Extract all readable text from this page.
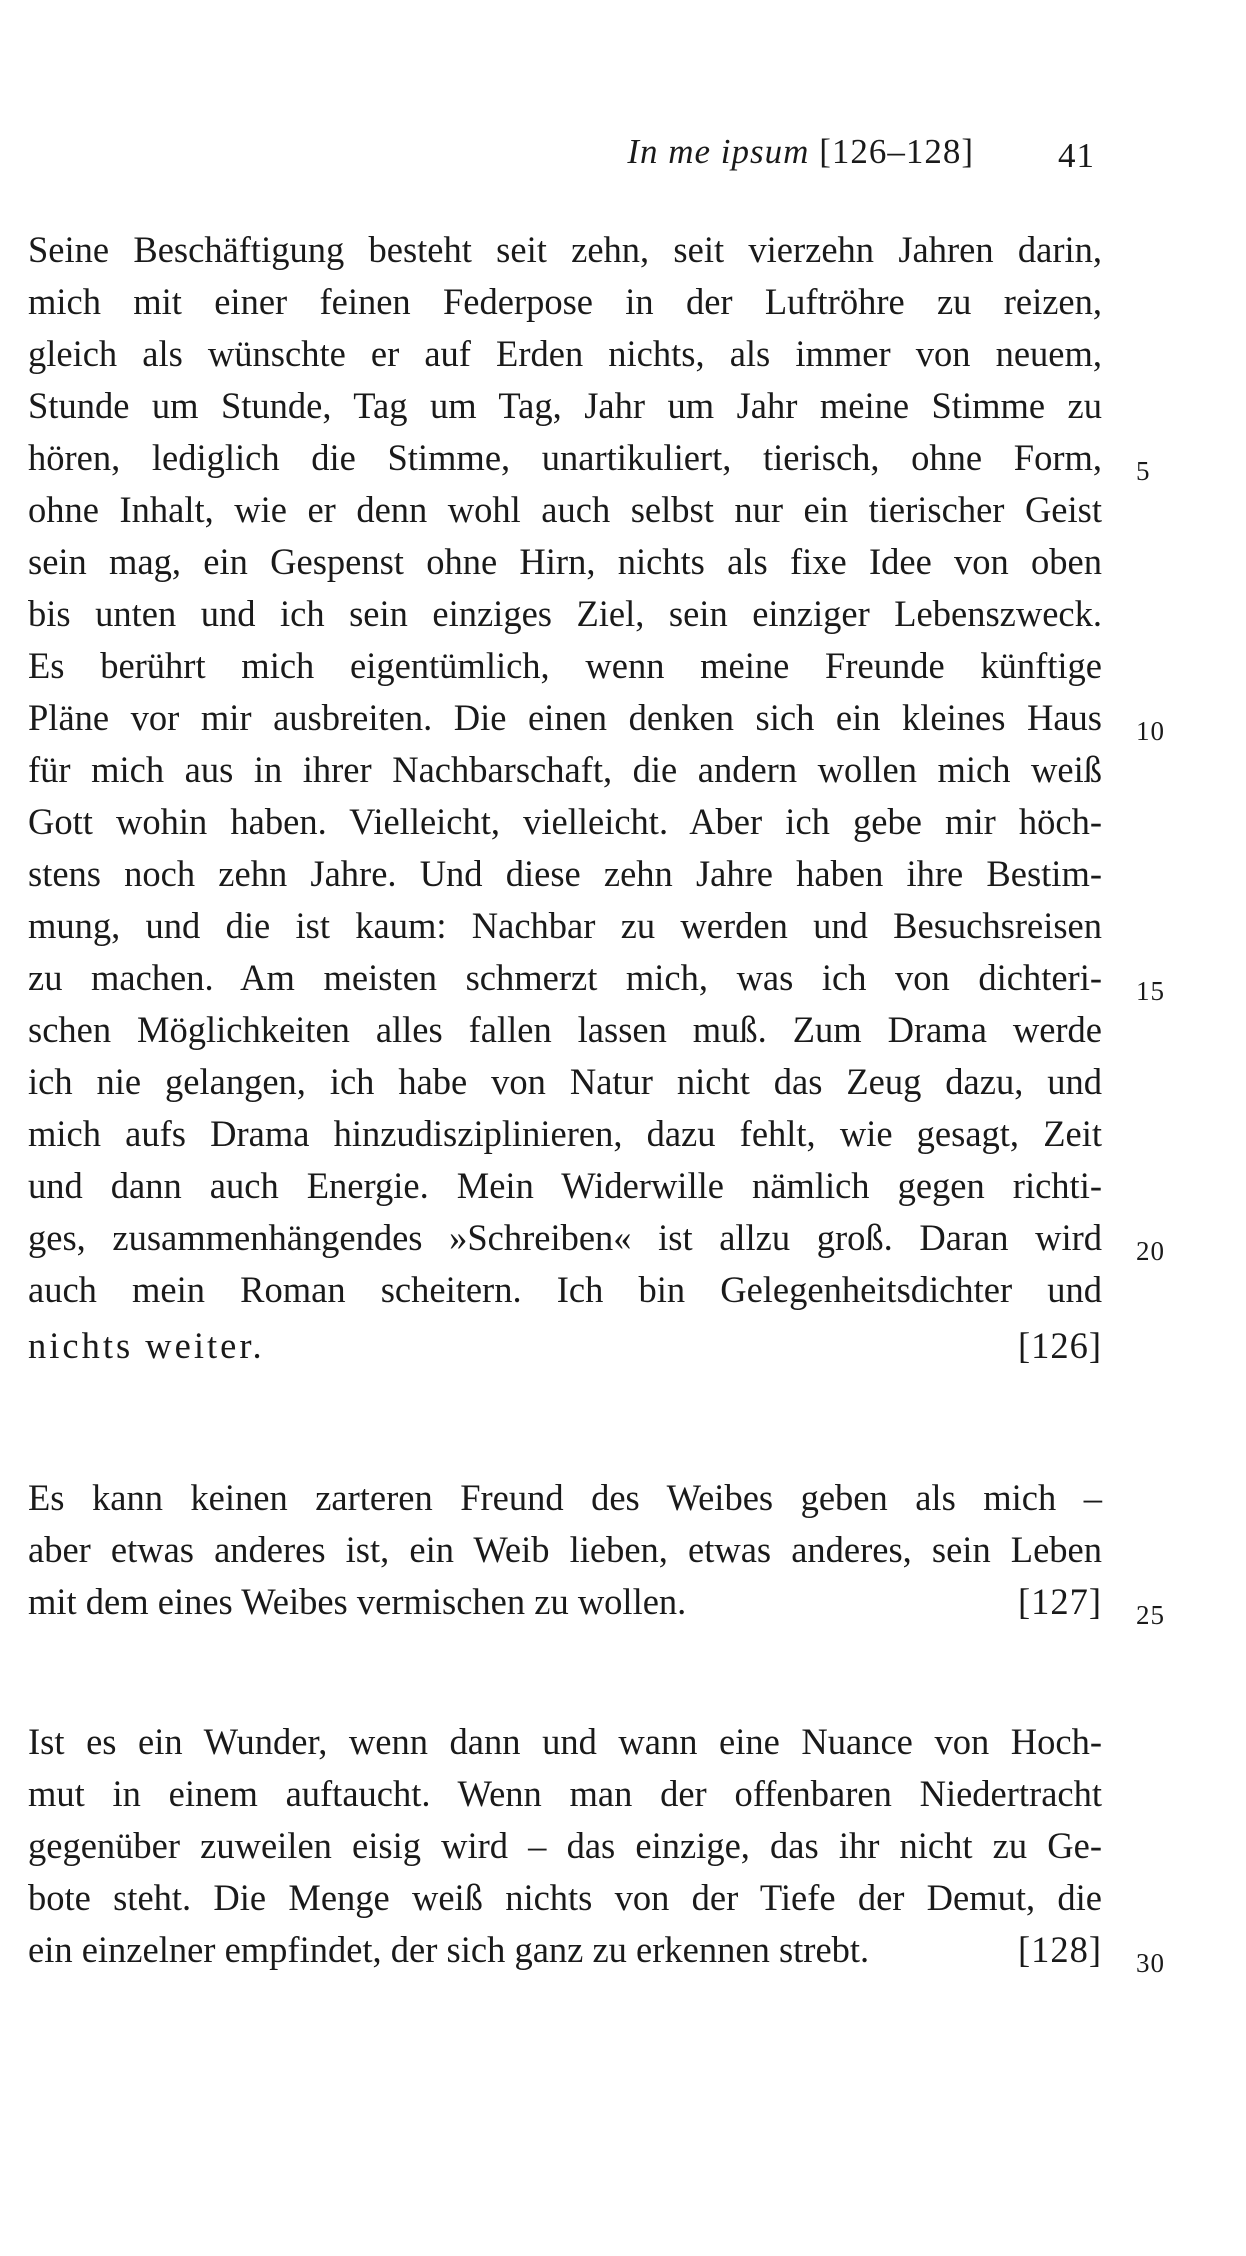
In me ipsum [126–128] 41
Seine Beschäftigung besteht seit zehn, seit vierzehn Jahren darin,
mich mit einer feinen Federpose in der Luftröhre zu reizen,
gleich als wünschte er auf Erden nichts, als immer von neuem,
Stunde um Stunde, Tag um Tag, Jahr um Jahr meine Stimme zu
hören, lediglich die Stimme, unartikuliert, tierisch, ohne Form,
ohne Inhalt, wie er denn wohl auch selbst nur ein tierischer Geist
sein mag, ein Gespenst ohne Hirn, nichts als fixe Idee von oben
bis unten und ich sein einziges Ziel, sein einziger Lebenszweck.
Es berührt mich eigentümlich, wenn meine Freunde künftige
Pläne vor mir ausbreiten. Die einen denken sich ein kleines Haus
für mich aus in ihrer Nachbarschaft, die andern wollen mich weiß
Gott wohin haben. Vielleicht, vielleicht. Aber ich gebe mir höch-
stens noch zehn Jahre. Und diese zehn Jahre haben ihre Bestim-
mung, und die ist kaum: Nachbar zu werden und Besuchsreisen
zu machen. Am meisten schmerzt mich, was ich von dichteri-
schen Möglichkeiten alles fallen lassen muß. Zum Drama werde
ich nie gelangen, ich habe von Natur nicht das Zeug dazu, und
mich aufs Drama hinzudisziplinieren, dazu fehlt, wie gesagt, Zeit
und dann auch Energie. Mein Widerwille nämlich gegen richti-
ges, zusammenhängendes »Schreiben« ist allzu groß. Daran wird
auch mein Roman scheitern. Ich bin Gelegenheitsdichter und
nichts weiter.	[126]
Es kann keinen zarteren Freund des Weibes geben als mich –
aber etwas anderes ist, ein Weib lieben, etwas anderes, sein Leben
mit dem eines Weibes vermischen zu wollen.	[127]
Ist es ein Wunder, wenn dann und wann eine Nuance von Hoch-
mut in einem auftaucht. Wenn man der offenbaren Niedertracht
gegenüber zuweilen eisig wird – das einzige, das ihr nicht zu Ge-
bote steht. Die Menge weiß nichts von der Tiefe der Demut, die
ein einzelner empfindet, der sich ganz zu erkennen strebt.	[128]
5
10
15
20
25
30
